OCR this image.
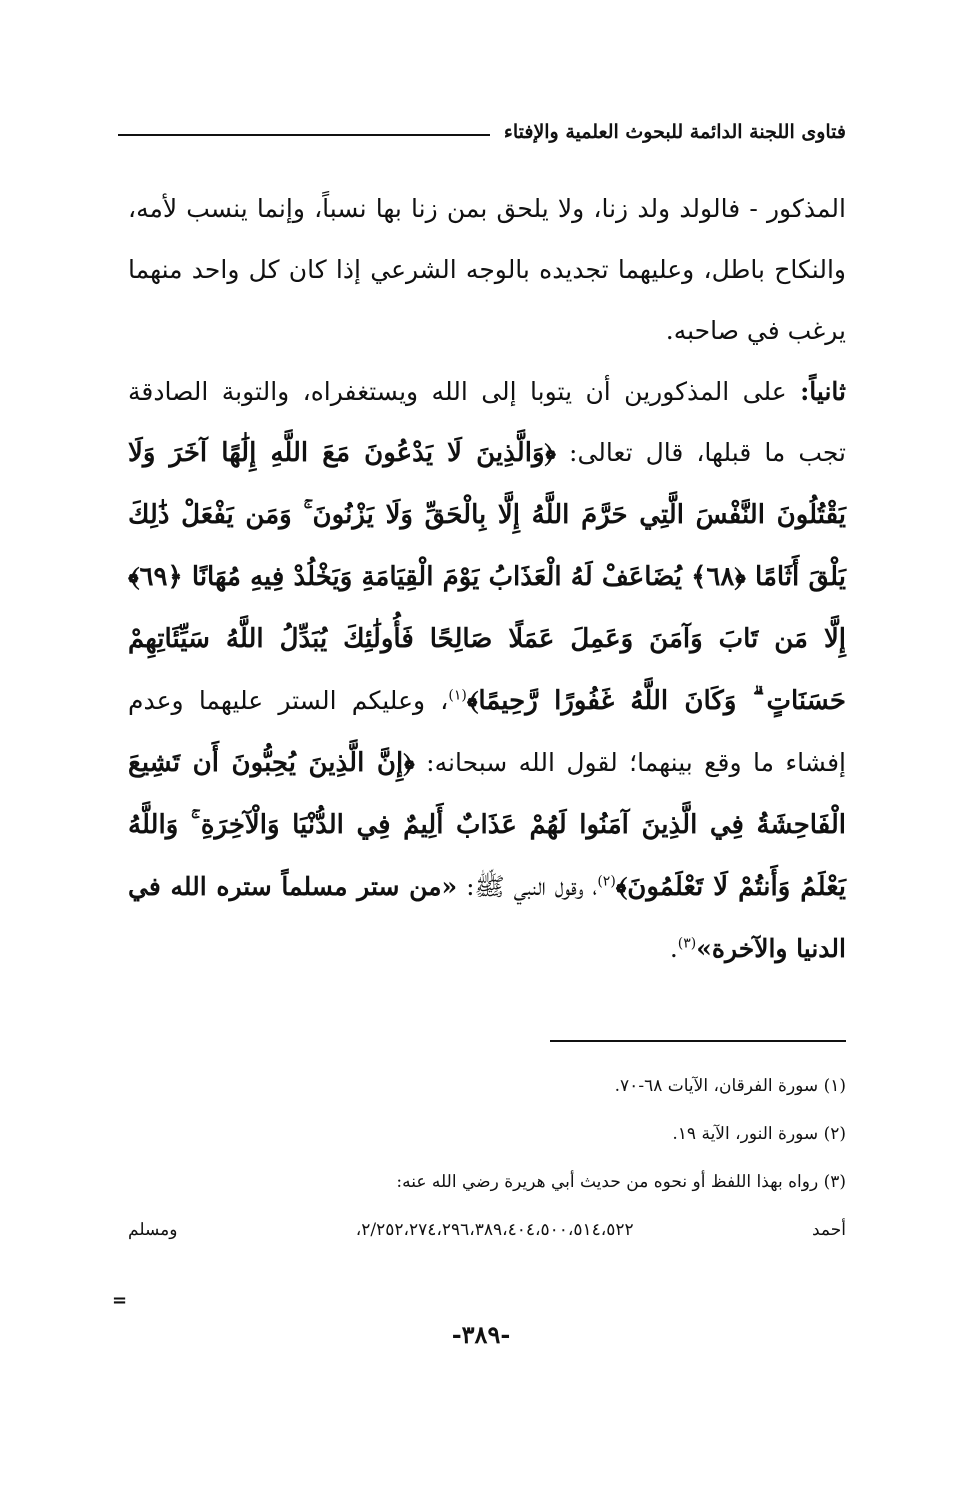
فتاوى اللجنة الدائمة للبحوث العلمية والإفتاء

المذكور - فالولد ولد زنا، ولا يلحق بمن زنا بها نسباً، وإنما ينسب لأمه، والنكاح باطل، وعليهما تجديده بالوجه الشرعي إذا كان كل واحد منهما يرغب في صاحبه.

ثانياً: على المذكورين أن يتوبا إلى الله ويستغفراه، والتوبة الصادقة تجب ما قبلها، قال تعالى: ﴿وَالَّذِينَ لَا يَدْعُونَ مَعَ اللَّهِ إِلَٰهًا آخَرَ وَلَا يَقْتُلُونَ النَّفْسَ الَّتِي حَرَّمَ اللَّهُ إِلَّا بِالْحَقِّ وَلَا يَزْنُونَ ۚ وَمَن يَفْعَلْ ذَٰلِكَ يَلْقَ أَثَامًا ﴿٦٨﴾ يُضَاعَفْ لَهُ الْعَذَابُ يَوْمَ الْقِيَامَةِ وَيَخْلُدْ فِيهِ مُهَانًا ﴿٦٩﴾ إِلَّا مَن تَابَ وَآمَنَ وَعَمِلَ عَمَلًا صَالِحًا فَأُولَٰئِكَ يُبَدِّلُ اللَّهُ سَيِّئَاتِهِمْ حَسَنَاتٍ ۗ وَكَانَ اللَّهُ غَفُورًا رَّحِيمًا﴾$^{(١)}$، وعليكم الستر عليهما وعدم إفشاء ما وقع بينهما؛ لقول الله سبحانه: ﴿إِنَّ الَّذِينَ يُحِبُّونَ أَن تَشِيعَ الْفَاحِشَةُ فِي الَّذِينَ آمَنُوا لَهُمْ عَذَابٌ أَلِيمٌ فِي الدُّنْيَا وَالْآخِرَةِ ۚ وَاللَّهُ يَعْلَمُ وَأَنتُمْ لَا تَعْلَمُونَ﴾$^{(٢)}$، وقول النبي ﷺ: «من ستر مسلماً ستره الله في الدنيا والآخرة»$^{(٣)}$.

(١) سورة الفرقان، الآيات ٦٨-٧٠.

(٢) سورة النور، الآية ١٩.

(٣) رواه بهذا اللفظ أو نحوه من حديث أبي هريرة رضي الله عنه:

أحمد ٢/٢٥٢،٢٧٤،٢٩٦،٣٨٩،٤٠٤،٥٠٠،٥١٤،٥٢٢، ومسلم

=
-٣٨٩-
